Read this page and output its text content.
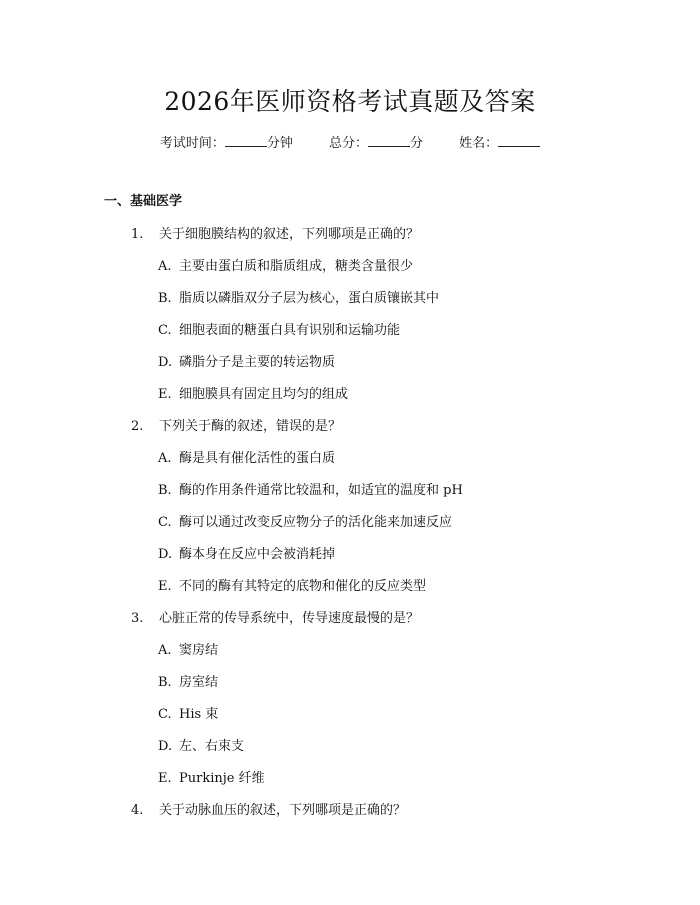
2026年医师资格考试真题及答案
考试时间：	分钟	总分：	分	姓名：
一、基础医学
1. 关于细胞膜结构的叙述，下列哪项是正确的？
A. 主要由蛋白质和脂质组成，糖类含量很少
B. 脂质以磷脂双分子层为核心，蛋白质镶嵌其中
C. 细胞表面的糖蛋白具有识别和运输功能
D. 磷脂分子是主要的转运物质
E. 细胞膜具有固定且均匀的组成
2. 下列关于酶的叙述，错误的是？
A. 酶是具有催化活性的蛋白质
B. 酶的作用条件通常比较温和，如适宜的温度和 pH
C. 酶可以通过改变反应物分子的活化能来加速反应
D. 酶本身在反应中会被消耗掉
E. 不同的酶有其特定的底物和催化的反应类型
3. 心脏正常的传导系统中，传导速度最慢的是？
A. 窦房结
B. 房室结
C. His 束
D. 左、右束支
E. Purkinje 纤维
4. 关于动脉血压的叙述，下列哪项是正确的？
